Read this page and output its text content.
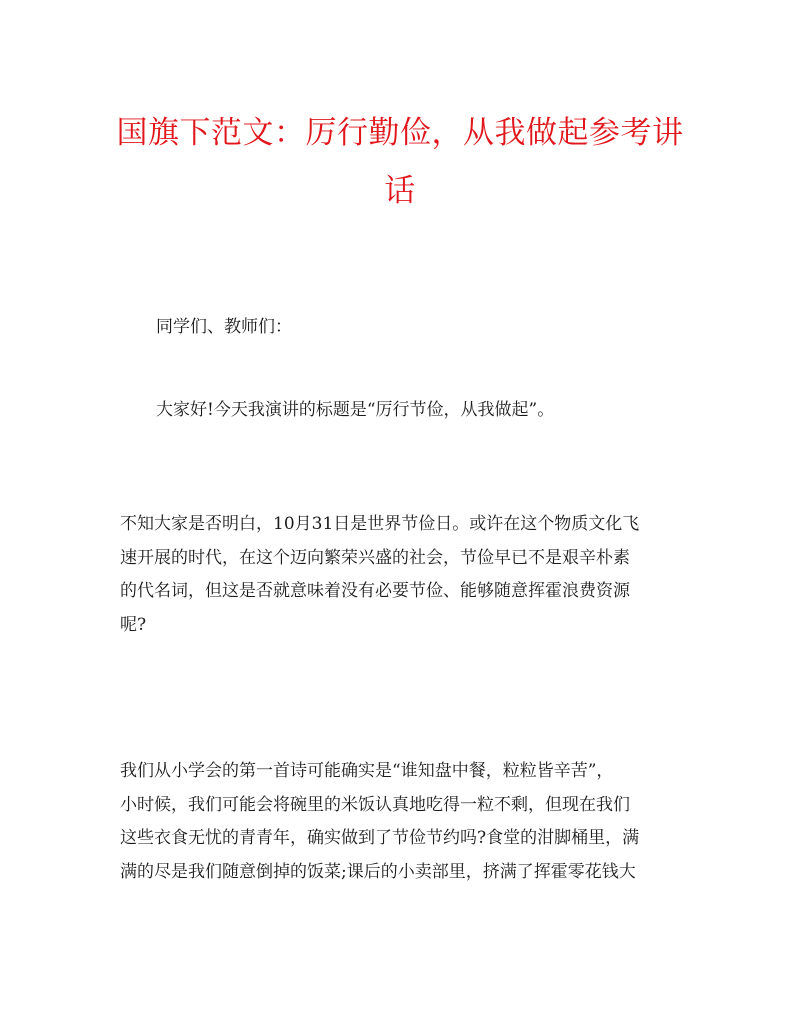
国旗下范文：厉行勤俭，从我做起参考讲
话

同学们、教师们：

大家好!今天我演讲的标题是“厉行节俭，从我做起”。

不知大家是否明白，10月31日是世界节俭日。或许在这个物质文化飞
速开展的时代，在这个迈向繁荣兴盛的社会，节俭早已不是艰辛朴素
的代名词，但这是否就意味着没有必要节俭、能够随意挥霍浪费资源
呢?
我们从小学会的第一首诗可能确实是“谁知盘中餐，粒粒皆辛苦”，
小时候，我们可能会将碗里的米饭认真地吃得一粒不剩，但现在我们
这些衣食无忧的青青年，确实做到了节俭节约吗?食堂的泔脚桶里，满
满的尽是我们随意倒掉的饭菜;课后的小卖部里，挤满了挥霍零花钱大
